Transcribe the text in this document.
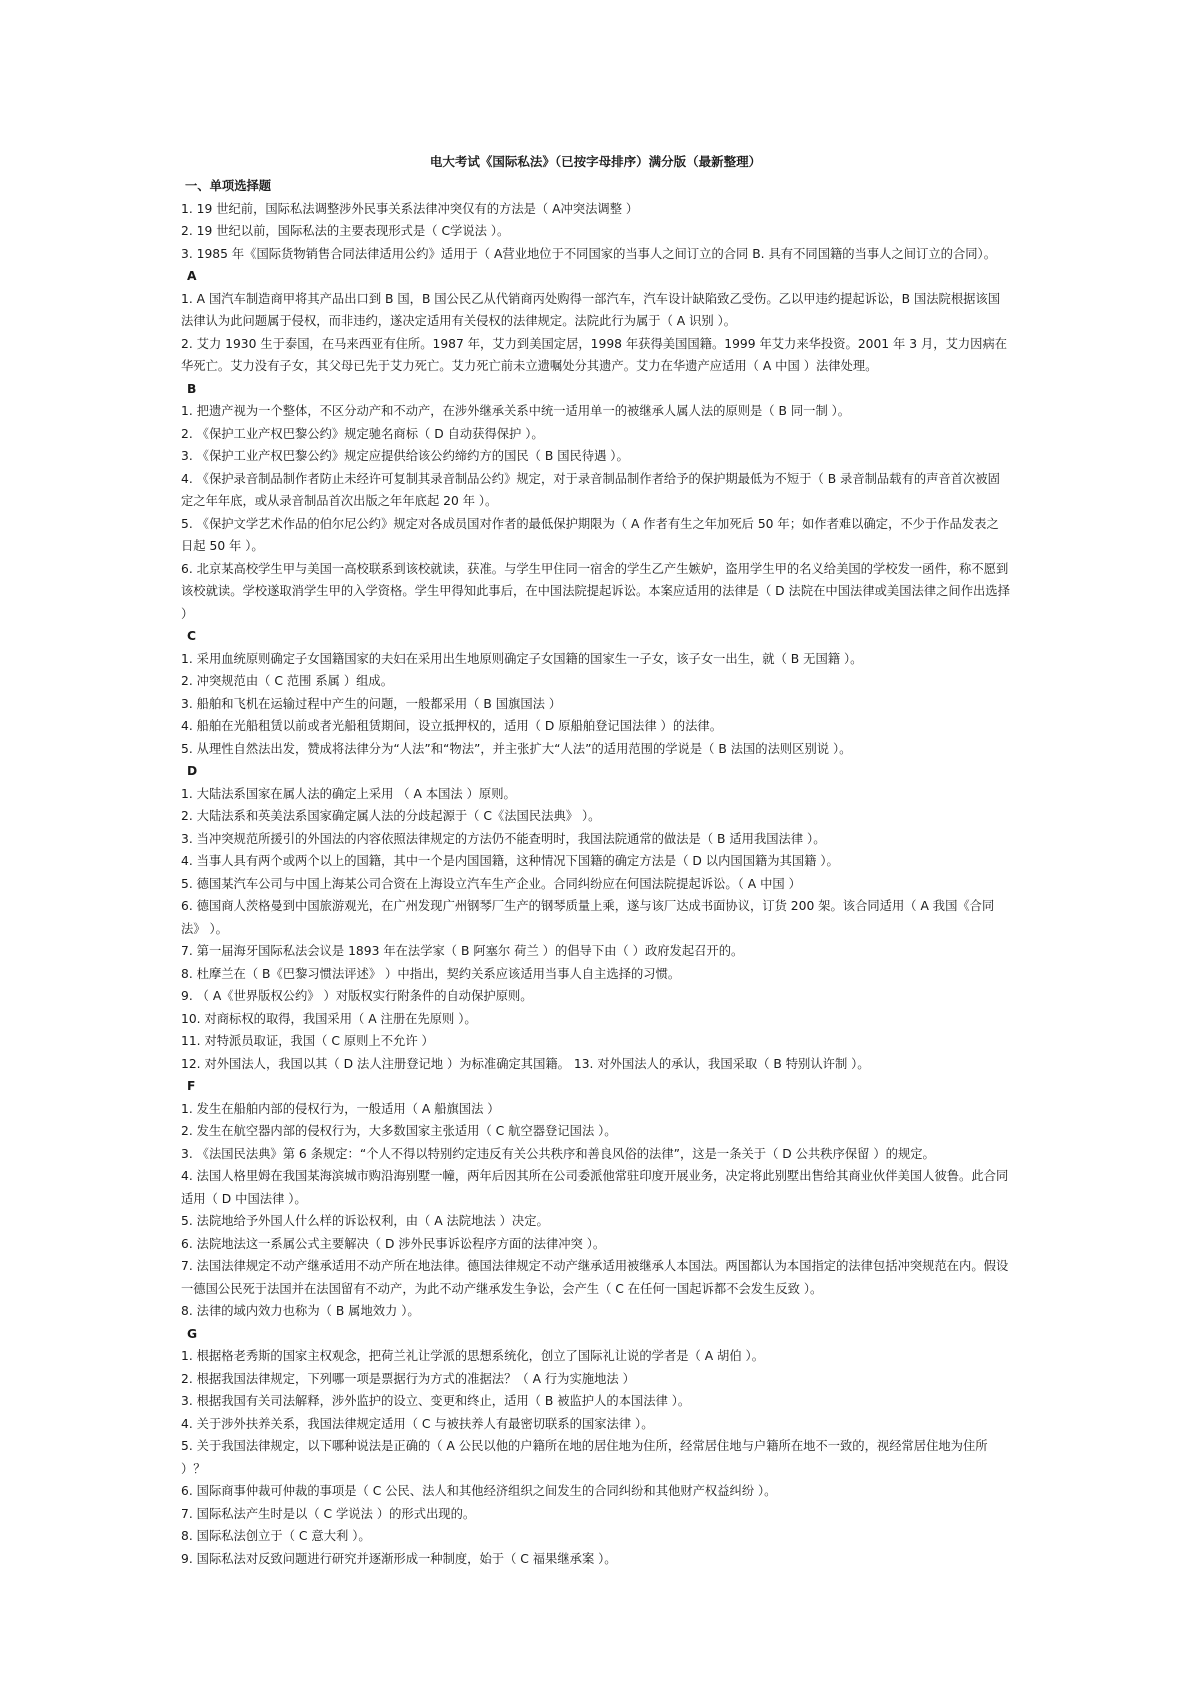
电大考试《国际私法》（已按字母排序）满分版（最新整理）

一、单项选择题

1. 19 世纪前，国际私法调整涉外民事关系法律冲突仅有的方法是（ A冲突法调整 ）

2. 19 世纪以前，国际私法的主要表现形式是（ C学说法 ）。

3. 1985 年《国际货物销售合同法律适用公约》适用于（ A营业地位于不同国家的当事人之间订立的合同 B. 具有不同国籍的当事人之间订立的合同）。

A

1. A 国汽车制造商甲将其产品出口到 B 国，B 国公民乙从代销商丙处购得一部汽车，汽车设计缺陷致乙受伤。乙以甲违约提起诉讼，B 国法院根据该国法律认为此问题属于侵权，而非违约，遂决定适用有关侵权的法律规定。法院此行为属于（ A 识别 ）。

2. 艾力 1930 生于泰国，在马来西亚有住所。1987 年，艾力到美国定居，1998 年获得美国国籍。1999 年艾力来华投资。2001 年 3 月，艾力因病在华死亡。艾力没有子女，其父母已先于艾力死亡。艾力死亡前未立遗嘱处分其遗产。艾力在华遗产应适用（ A 中国 ）法律处理。

B

1. 把遗产视为一个整体，不区分动产和不动产，在涉外继承关系中统一适用单一的被继承人属人法的原则是（ B 同一制 ）。

2. 《保护工业产权巴黎公约》规定驰名商标（ D 自动获得保护 ）。

3. 《保护工业产权巴黎公约》规定应提供给该公约缔约方的国民（ B 国民待遇 ）。

4. 《保护录音制品制作者防止未经许可复制其录音制品公约》规定，对于录音制品制作者给予的保护期最低为不短于（ B 录音制品载有的声音首次被固定之年年底，或从录音制品首次出版之年年底起 20 年 ）。

5. 《保护文学艺术作品的伯尔尼公约》规定对各成员国对作者的最低保护期限为（ A 作者有生之年加死后 50 年；如作者难以确定，不少于作品发表之日起 50 年 ）。

6. 北京某高校学生甲与美国一高校联系到该校就读，获准。与学生甲住同一宿舍的学生乙产生嫉妒，盗用学生甲的名义给美国的学校发一函件，称不愿到该校就读。学校遂取消学生甲的入学资格。学生甲得知此事后，在中国法院提起诉讼。本案应适用的法律是（ D 法院在中国法律或美国法律之间作出选择 ）

C

1. 采用血统原则确定子女国籍国家的夫妇在采用出生地原则确定子女国籍的国家生一子女，该子女一出生，就（ B 无国籍 ）。

2. 冲突规范由（ C 范围 系属 ）组成。

3. 船舶和飞机在运输过程中产生的问题，一般都采用（ B 国旗国法 ）

4. 船舶在光船租赁以前或者光船租赁期间，设立抵押权的，适用（ D 原船舶登记国法律 ）的法律。

5. 从理性自然法出发，赞成将法律分为“人法”和“物法”，并主张扩大“人法”的适用范围的学说是（ B 法国的法则区别说 ）。

D

1. 大陆法系国家在属人法的确定上采用 （ A 本国法 ）原则。

2. 大陆法系和英美法系国家确定属人法的分歧起源于（ C《法国民法典》 ）。

3. 当冲突规范所援引的外国法的内容依照法律规定的方法仍不能查明时，我国法院通常的做法是（ B 适用我国法律 ）。

4. 当事人具有两个或两个以上的国籍，其中一个是内国国籍，这种情况下国籍的确定方法是（ D 以内国国籍为其国籍 ）。

5. 德国某汽车公司与中国上海某公司合资在上海设立汽车生产企业。合同纠纷应在何国法院提起诉讼。（ A 中国 ）

6. 德国商人茨格曼到中国旅游观光，在广州发现广州钢琴厂生产的钢琴质量上乘，遂与该厂达成书面协议，订货 200 架。该合同适用（ A 我国《合同法》 ）。

7. 第一届海牙国际私法会议是 1893 年在法学家（ B 阿塞尔 荷兰 ）的倡导下由（ ）政府发起召开的。

8. 杜摩兰在（ B《巴黎习惯法评述》 ）中指出，契约关系应该适用当事人自主选择的习惯。

9. （ A《世界版权公约》 ）对版权实行附条件的自动保护原则。

10. 对商标权的取得，我国采用（ A 注册在先原则 ）。

11. 对特派员取证，我国（ C 原则上不允许 ）

12. 对外国法人，我国以其（ D 法人注册登记地 ）为标准确定其国籍。 13. 对外国法人的承认，我国采取（ B 特别认许制 ）。

F

1. 发生在船舶内部的侵权行为，一般适用（ A 船旗国法 ）

2. 发生在航空器内部的侵权行为，大多数国家主张适用（ C 航空器登记国法 ）。

3. 《法国民法典》第 6 条规定：“个人不得以特别约定违反有关公共秩序和善良风俗的法律”，这是一条关于（ D 公共秩序保留 ）的规定。

4. 法国人格里姆在我国某海滨城市购沿海别墅一幢，两年后因其所在公司委派他常驻印度开展业务，决定将此别墅出售给其商业伙伴美国人彼鲁。此合同适用（ D 中国法律 ）。

5. 法院地给予外国人什么样的诉讼权利，由（ A 法院地法 ）决定。

6. 法院地法这一系属公式主要解决（ D 涉外民事诉讼程序方面的法律冲突 ）。

7. 法国法律规定不动产继承适用不动产所在地法律。德国法律规定不动产继承适用被继承人本国法。两国都认为本国指定的法律包括冲突规范在内。假设一德国公民死于法国并在法国留有不动产，为此不动产继承发生争讼，会产生（ C 在任何一国起诉都不会发生反致 ）。

8. 法律的域内效力也称为（ B 属地效力 ）。

G

1. 根据格老秀斯的国家主权观念，把荷兰礼让学派的思想系统化，创立了国际礼让说的学者是（ A 胡伯 ）。

2. 根据我国法律规定，下列哪一项是票据行为方式的准据法？（ A 行为实施地法 ）

3. 根据我国有关司法解释，涉外监护的设立、变更和终止，适用（ B 被监护人的本国法律 ）。

4. 关于涉外扶养关系，我国法律规定适用（ C 与被扶养人有最密切联系的国家法律 ）。

5. 关于我国法律规定，以下哪种说法是正确的（ A 公民以他的户籍所在地的居住地为住所，经常居住地与户籍所在地不一致的，视经常居住地为住所 ）？

6. 国际商事仲裁可仲裁的事项是（ C 公民、法人和其他经济组织之间发生的合同纠纷和其他财产权益纠纷 ）。

7. 国际私法产生时是以（ C 学说法 ）的形式出现的。

8. 国际私法创立于（ C 意大利 ）。

9. 国际私法对反致问题进行研究并逐渐形成一种制度，始于（ C 福果继承案 ）。
